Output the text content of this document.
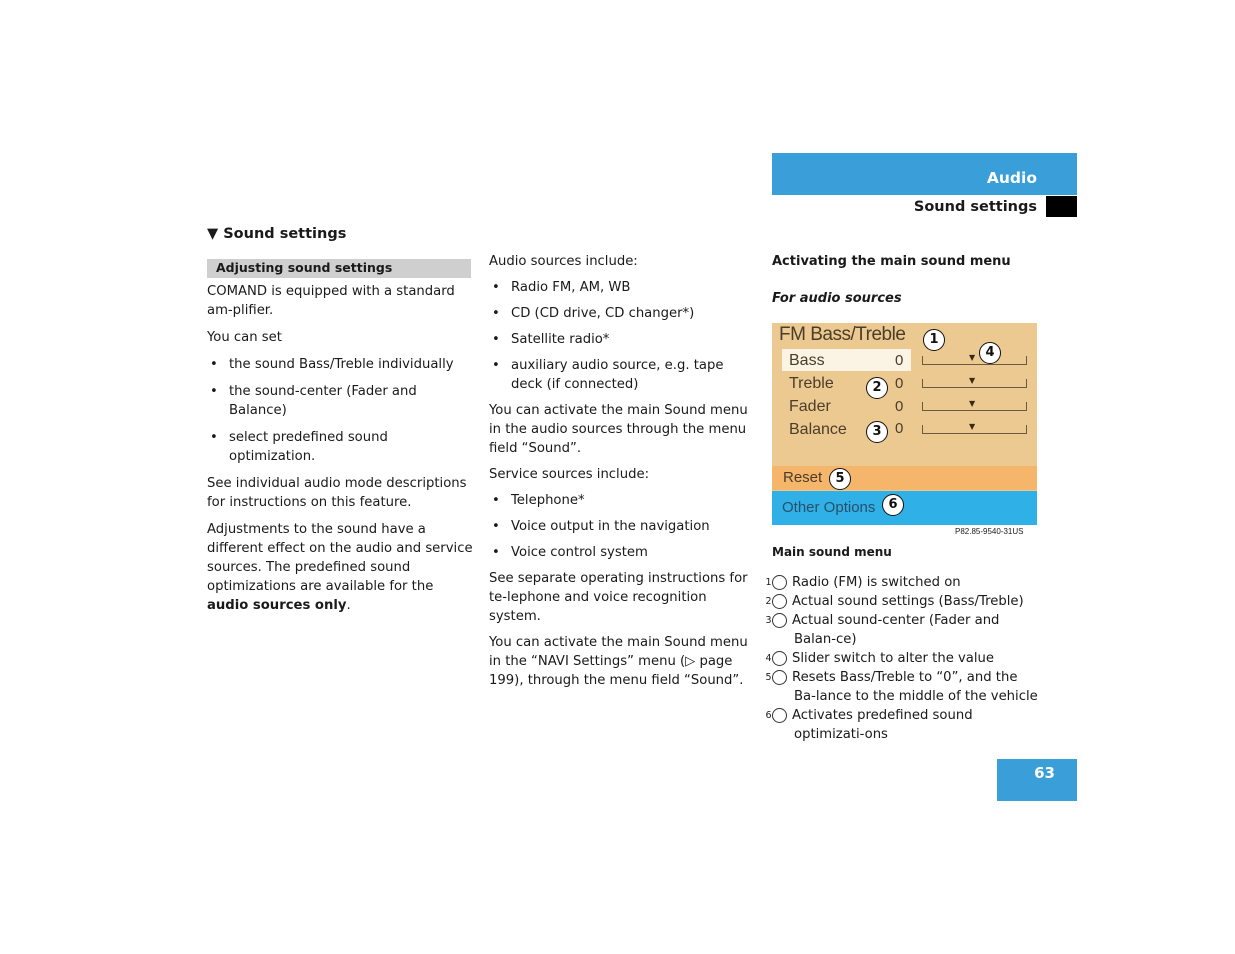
Audio
Sound settings
▼ Sound settings
Adjusting sound settings

COMAND is equipped with a standard am-plifier.

You can set

• the sound Bass/Treble individually
• the sound-center (Fader and Balance)
• select predefined sound optimization.

See individual audio mode descriptions for instructions on this feature.

Adjustments to the sound have a different effect on the audio and service sources. The predefined sound optimizations are available for the audio sources only.

Audio sources include:

• Radio FM, AM, WB
• CD (CD drive, CD changer*)
• Satellite radio*
• auxiliary audio source, e.g. tape deck (if connected)

You can activate the main Sound menu in the audio sources through the menu field “Sound”.

Service sources include:

• Telephone*
• Voice output in the navigation
• Voice control system

See separate operating instructions for te-lephone and voice recognition system.

You can activate the main Sound menu in the “NAVI Settings” menu (▷ page 199), through the menu field “Sound”.

Activating the main sound menu
For audio sources
FM Bass/Treble
Bass	0	▼
Treble	0	▼
Fader	0	▼
Balance	0	▼
Reset
Other Options
1
4
2
3
5
6
P82.85-9540-31US
Main sound menu
1 Radio (FM) is switched on
2 Actual sound settings (Bass/Treble)
3 Actual sound-center (Fader and Balan-ce)
4 Slider switch to alter the value
5 Resets Bass/Treble to “0”, and the Ba-lance to the middle of the vehicle
6 Activates predefined sound optimizati-ons
63
